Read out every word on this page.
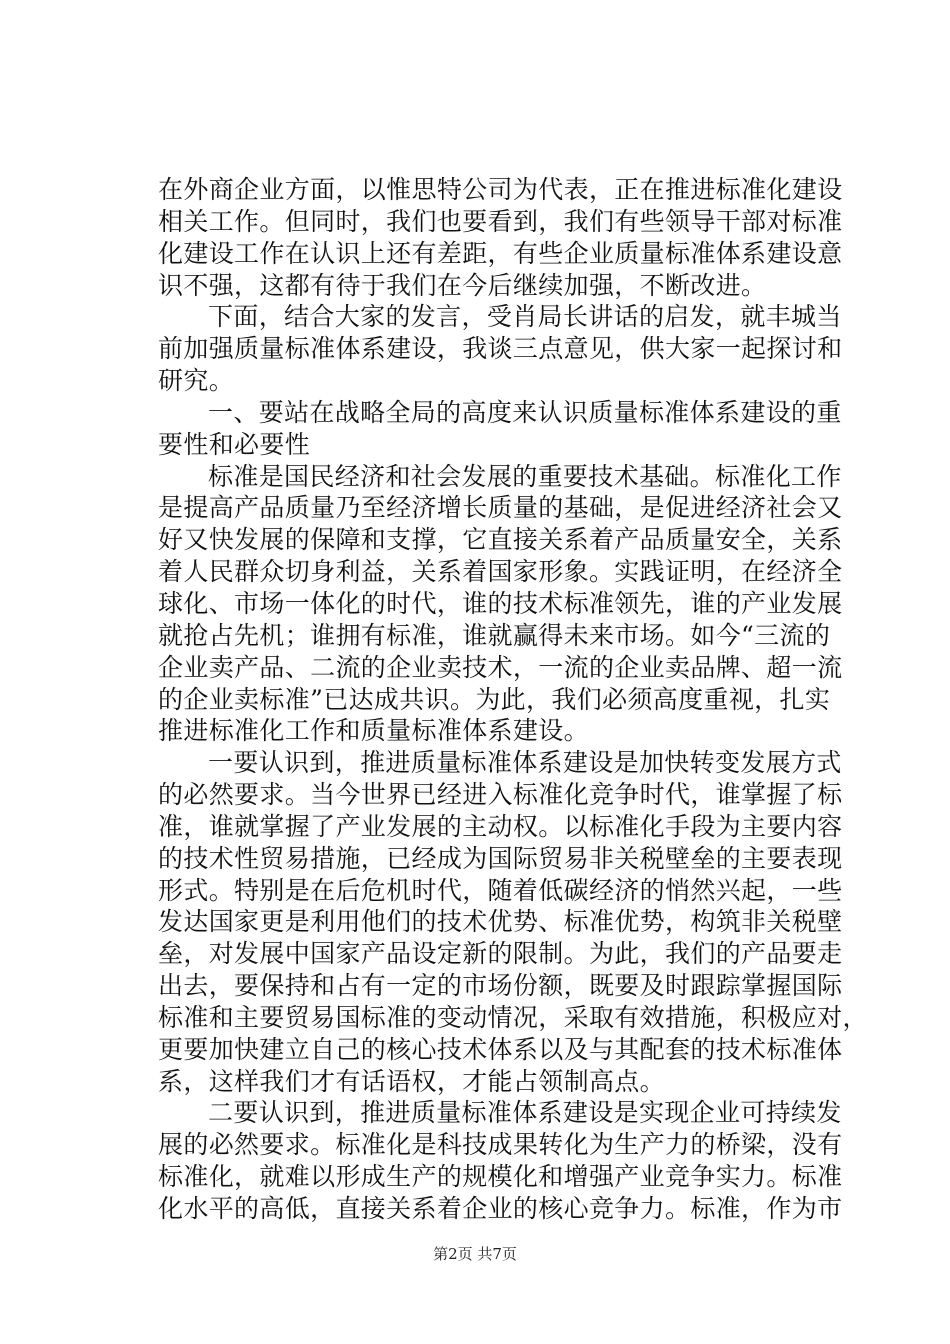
在外商企业方面，以惟思特公司为代表，正在推进标准化建设
相关工作。但同时，我们也要看到，我们有些领导干部对标准
化建设工作在认识上还有差距，有些企业质量标准体系建设意
识不强，这都有待于我们在今后继续加强，不断改进。
下面，结合大家的发言，受肖局长讲话的启发，就丰城当
前加强质量标准体系建设，我谈三点意见，供大家一起探讨和
研究。
一、要站在战略全局的高度来认识质量标准体系建设的重
要性和必要性
标准是国民经济和社会发展的重要技术基础。标准化工作
是提高产品质量乃至经济增长质量的基础，是促进经济社会又
好又快发展的保障和支撑，它直接关系着产品质量安全，关系
着人民群众切身利益，关系着国家形象。实践证明，在经济全
球化、市场一体化的时代，谁的技术标准领先，谁的产业发展
就抢占先机；谁拥有标准，谁就赢得未来市场。如今“三流的
企业卖产品、二流的企业卖技术，一流的企业卖品牌、超一流
的企业卖标准”已达成共识。为此，我们必须高度重视，扎实
推进标准化工作和质量标准体系建设。
一要认识到，推进质量标准体系建设是加快转变发展方式
的必然要求。当今世界已经进入标准化竞争时代，谁掌握了标
准，谁就掌握了产业发展的主动权。以标准化手段为主要内容
的技术性贸易措施，已经成为国际贸易非关税壁垒的主要表现
形式。特别是在后危机时代，随着低碳经济的悄然兴起，一些
发达国家更是利用他们的技术优势、标准优势，构筑非关税壁
垒，对发展中国家产品设定新的限制。为此，我们的产品要走
出去，要保持和占有一定的市场份额，既要及时跟踪掌握国际
标准和主要贸易国标准的变动情况，采取有效措施，积极应对，
更要加快建立自己的核心技术体系以及与其配套的技术标准体
系，这样我们才有话语权，才能占领制高点。
二要认识到，推进质量标准体系建设是实现企业可持续发
展的必然要求。标准化是科技成果转化为生产力的桥梁，没有
标准化，就难以形成生产的规模化和增强产业竞争实力。标准
化水平的高低，直接关系着企业的核心竞争力。标准，作为市
第2页 共7页
